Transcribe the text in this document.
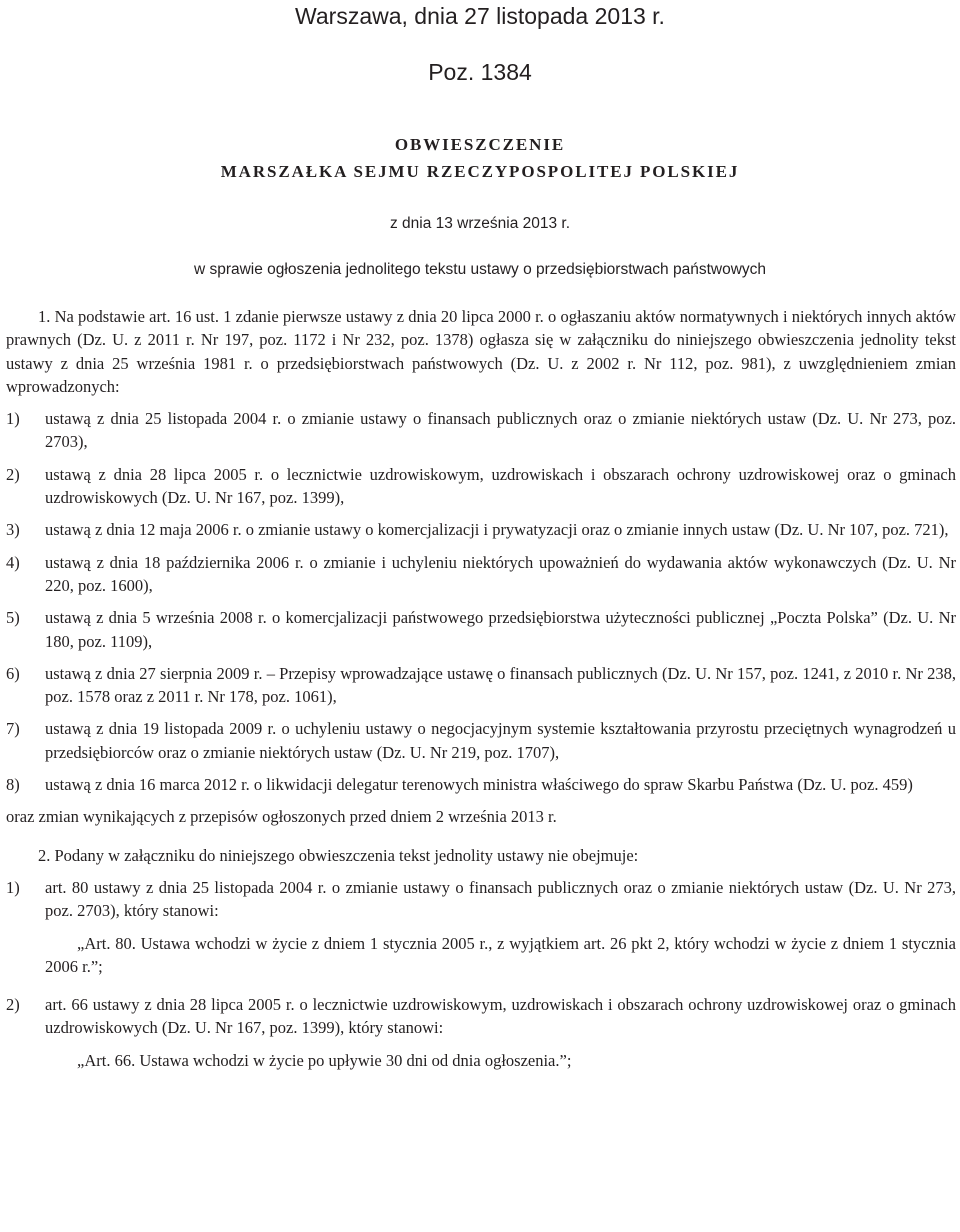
Warszawa, dnia 27 listopada 2013 r.
Poz. 1384
OBWIESZCZENIE
MARSZAŁKA SEJMU RZECZYPOSPOLITEJ POLSKIEJ
z dnia 13 września 2013 r.
w sprawie ogłoszenia jednolitego tekstu ustawy o przedsiębiorstwach państwowych

1. Na podstawie art. 16 ust. 1 zdanie pierwsze ustawy z dnia 20 lipca 2000 r. o ogłaszaniu aktów normatywnych i niektórych innych aktów prawnych (Dz. U. z 2011 r. Nr 197, poz. 1172 i Nr 232, poz. 1378) ogłasza się w załączniku do niniejszego obwieszczenia jednolity tekst ustawy z dnia 25 września 1981 r. o przedsiębiorstwach państwowych (Dz. U. z 2002 r. Nr 112, poz. 981), z uwzględnieniem zmian wprowadzonych:

1) ustawą z dnia 25 listopada 2004 r. o zmianie ustawy o finansach publicznych oraz o zmianie niektórych ustaw (Dz. U. Nr 273, poz. 2703),

2) ustawą z dnia 28 lipca 2005 r. o lecznictwie uzdrowiskowym, uzdrowiskach i obszarach ochrony uzdrowiskowej oraz o gminach uzdrowiskowych (Dz. U. Nr 167, poz. 1399),

3) ustawą z dnia 12 maja 2006 r. o zmianie ustawy o komercjalizacji i prywatyzacji oraz o zmianie innych ustaw (Dz. U. Nr 107, poz. 721),

4) ustawą z dnia 18 października 2006 r. o zmianie i uchyleniu niektórych upoważnień do wydawania aktów wykonawczych (Dz. U. Nr 220, poz. 1600),

5) ustawą z dnia 5 września 2008 r. o komercjalizacji państwowego przedsiębiorstwa użyteczności publicznej „Poczta Polska” (Dz. U. Nr 180, poz. 1109),

6) ustawą z dnia 27 sierpnia 2009 r. – Przepisy wprowadzające ustawę o finansach publicznych (Dz. U. Nr 157, poz. 1241, z 2010 r. Nr 238, poz. 1578 oraz z 2011 r. Nr 178, poz. 1061),

7) ustawą z dnia 19 listopada 2009 r. o uchyleniu ustawy o negocjacyjnym systemie kształtowania przyrostu przeciętnych wynagrodzeń u przedsiębiorców oraz o zmianie niektórych ustaw (Dz. U. Nr 219, poz. 1707),

8) ustawą z dnia 16 marca 2012 r. o likwidacji delegatur terenowych ministra właściwego do spraw Skarbu Państwa (Dz. U. poz. 459)

oraz zmian wynikających z przepisów ogłoszonych przed dniem 2 września 2013 r.

2. Podany w załączniku do niniejszego obwieszczenia tekst jednolity ustawy nie obejmuje:

1) art. 80 ustawy z dnia 25 listopada 2004 r. o zmianie ustawy o finansach publicznych oraz o zmianie niektórych ustaw (Dz. U. Nr 273, poz. 2703), który stanowi:

„Art. 80. Ustawa wchodzi w życie z dniem 1 stycznia 2005 r., z wyjątkiem art. 26 pkt 2, który wchodzi w życie z dniem 1 stycznia 2006 r.”;

2) art. 66 ustawy z dnia 28 lipca 2005 r. o lecznictwie uzdrowiskowym, uzdrowiskach i obszarach ochrony uzdrowiskowej oraz o gminach uzdrowiskowych (Dz. U. Nr 167, poz. 1399), który stanowi:

„Art. 66. Ustawa wchodzi w życie po upływie 30 dni od dnia ogłoszenia.”;
